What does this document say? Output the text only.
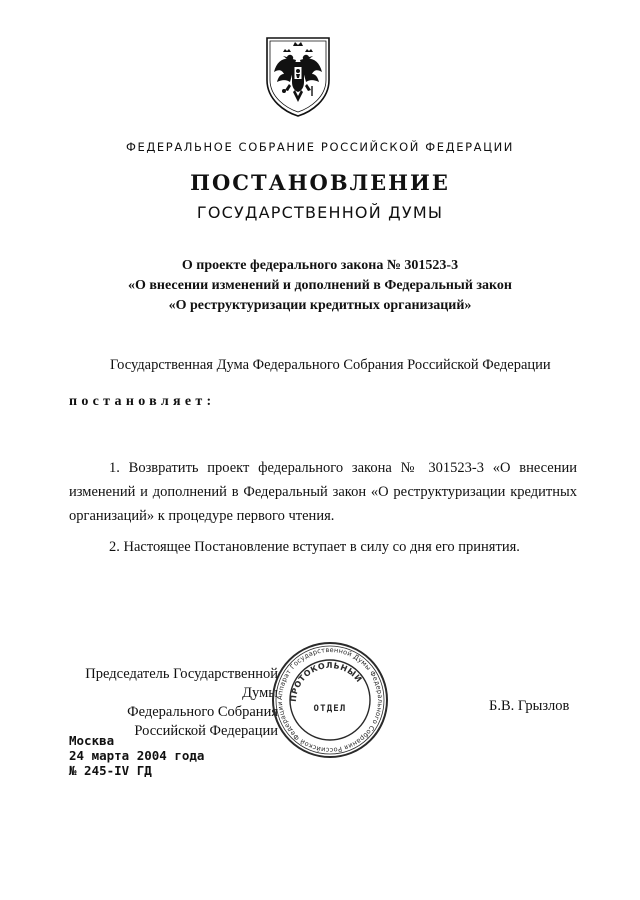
ФЕДЕРАЛЬНОЕ СОБРАНИЕ РОССИЙСКОЙ ФЕДЕРАЦИИ
ПОСТАНОВЛЕНИЕ
ГОСУДАРСТВЕННОЙ ДУМЫ
О проекте федерального закона № 301523-3
«О внесении изменений и дополнений в Федеральный закон
«О реструктуризации кредитных организаций»
Государственная Дума Федерального Собрания Российской Федерации
постановляет:
1. Возвратить проект федерального закона № 301523-3 «О внесении изменений и дополнений в Федеральный закон «О реструктуризации кредитных организаций» к процедуре первого чтения.
2. Настоящее Постановление вступает в силу со дня его принятия.
Председатель Государственной Думы
Федерального Собрания
Российской Федерации
Б.В. Грызлов
Аппарат Государственной Думы Федерального Собрания Российской Федерации
ПРОТОКОЛЬНЫЙ
ОТДЕЛ
Москва
24 марта 2004 года
№ 245-IV ГД
